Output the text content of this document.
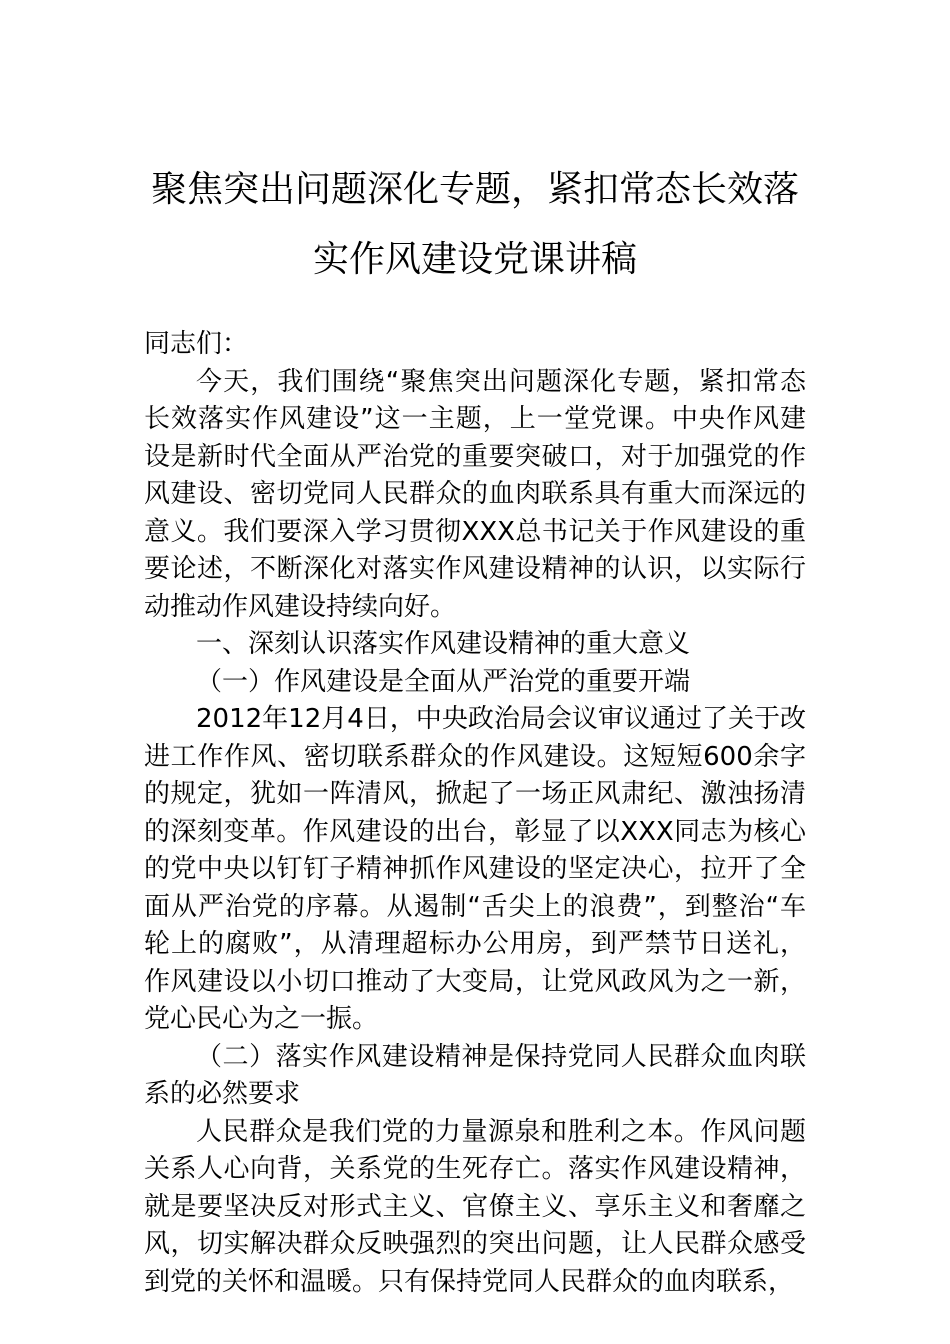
聚焦突出问题深化专题，紧扣常态长效落
实作风建设党课讲稿

同志们：

今天，我们围绕“聚焦突出问题深化专题，紧扣常态长效落实作风建设”这一主题，上一堂党课。中央作风建设是新时代全面从严治党的重要突破口，对于加强党的作风建设、密切党同人民群众的血肉联系具有重大而深远的意义。我们要深入学习贯彻XXX总书记关于作风建设的重要论述，不断深化对落实作风建设精神的认识，以实际行动推动作风建设持续向好。

一、深刻认识落实作风建设精神的重大意义

（一）作风建设是全面从严治党的重要开端

2012年12月4日，中央政治局会议审议通过了关于改进工作作风、密切联系群众的作风建设。这短短600余字的规定，犹如一阵清风，掀起了一场正风肃纪、激浊扬清的深刻变革。作风建设的出台，彰显了以XXX同志为核心的党中央以钉钉子精神抓作风建设的坚定决心，拉开了全面从严治党的序幕。从遏制“舌尖上的浪费”，到整治“车轮上的腐败”，从清理超标办公用房，到严禁节日送礼，作风建设以小切口推动了大变局，让党风政风为之一新，党心民心为之一振。

（二）落实作风建设精神是保持党同人民群众血肉联系的必然要求

人民群众是我们党的力量源泉和胜利之本。作风问题关系人心向背，关系党的生死存亡。落实作风建设精神，就是要坚决反对形式主义、官僚主义、享乐主义和奢靡之风，切实解决群众反映强烈的突出问题，让人民群众感受到党的关怀和温暖。只有保持党同人民群众的血肉联系，
